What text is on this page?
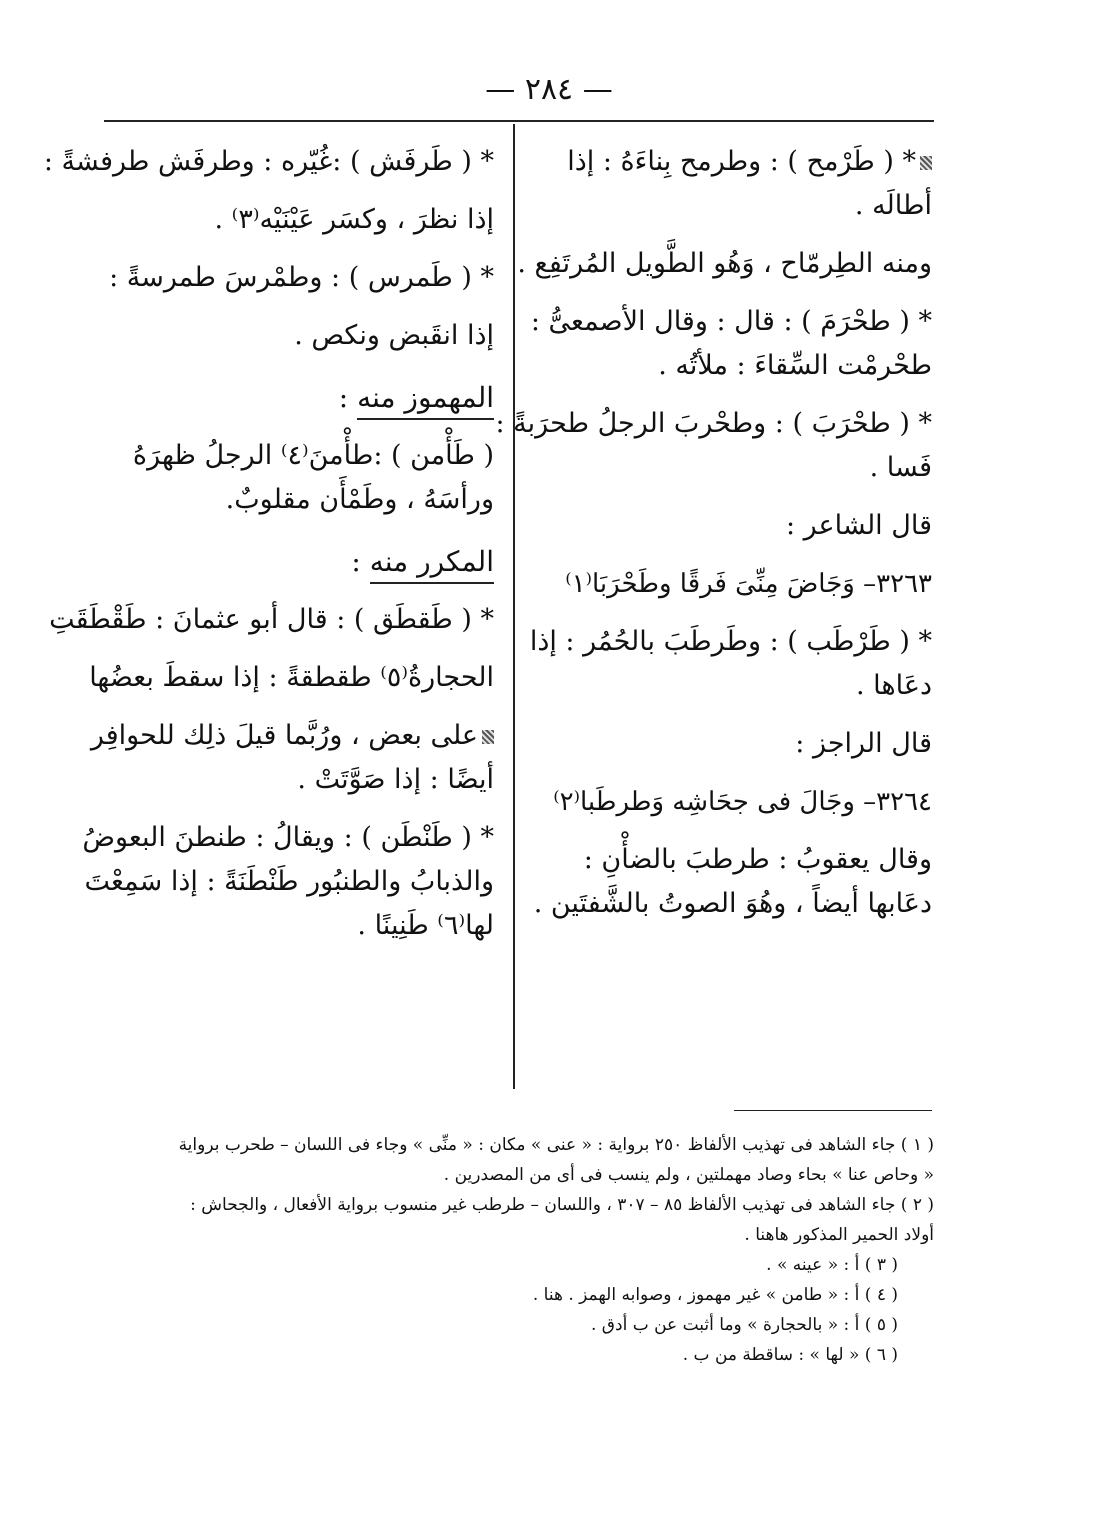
— ٢٨٤ —
* ( طَرْمح ) : وطرمح بِناءَهُ : إذا
أطالَه .
ومنه الطِرمّاح ، وَهُو الطَّويل المُرتَفِع .
* ( طحْرَمَ ) : قال : وقال الأصمعىُّ :
طحْرمْت السِّقاءَ : ملأتُه .
* ( طحْرَبَ ) : وطحْربَ الرجلُ طحرَبةً :
فَسا .
قال الشاعر :
٣٢٦٣– وَجَاضَ مِنِّیَ فَرقًا وطَحْرَبَا⁽١⁾
* ( طَرْطَب ) : وطَرطَبَ بالحُمُر : إذا
دعَاها .
قال الراجز :
٣٢٦٤– وجَالَ فی جحَاشِه وَطرطَبا⁽٢⁾
وقال يعقوبُ : طرطبَ بالضأْنِ :
دعَابها أيضاً ، وهُوَ الصوتُ بالشَّفتَين .
* ( طَرفَش ) :غُيّره : وطرفَش طرفشةً :
إذا نظرَ ، وكسَر عَيْنَيْه⁽٣⁾ .
* ( طَمرس ) : وطمْرسَ طمرسةً :
إذا انقَبض ونكص .
المهموز منه :
( طَأْمن ) :طأْمنَ⁽٤⁾ الرجلُ ظهرَهُ
ورأسَهُ ، وطَمْأَن مقلوبٌ.
المكرر منه :
* ( طَقطَق ) : قال أبو عثمانَ : طَقْطَقَتِ
الحجارةُ⁽٥⁾ طقطقةً : إذا سقطَ بعضُها
على بعض ، ورُبَّما قيلَ ذلِك للحوافِر
أيضًا : إذا صَوَّتَتْ .
* ( طَنْطَن ) : ويقالُ : طنطنَ البعوضُ
والذبابُ والطنبُور طَنْطَنَةً : إذا سَمِعْتَ
لها⁽٦⁾ طَنِينًا .
( ١ ) جاء الشاهد فى تهذيب الألفاظ ٢٥٠ برواية : « عنى » مكان : « منِّى » وجاء فى اللسان – طحرب برواية
« وحاص عنا » بحاء وصاد مهملتين ، ولم ينسب فى أى من المصدرين .
( ٢ ) جاء الشاهد فى تهذيب الألفاظ ٨٥ – ٣٠٧ ، واللسان – طرطب غير منسوب برواية الأفعال ، والجحاش :
أولاد الحمير المذكور هاهنا .
( ٣ ) أ : « عينه » .
( ٤ ) أ : « طامن » غير مهموز ، وصوابه الهمز . هنا .
( ٥ ) أ : « بالحجارة » وما أثبت عن ب أدق .
( ٦ ) « لها » : ساقطة من ب .
